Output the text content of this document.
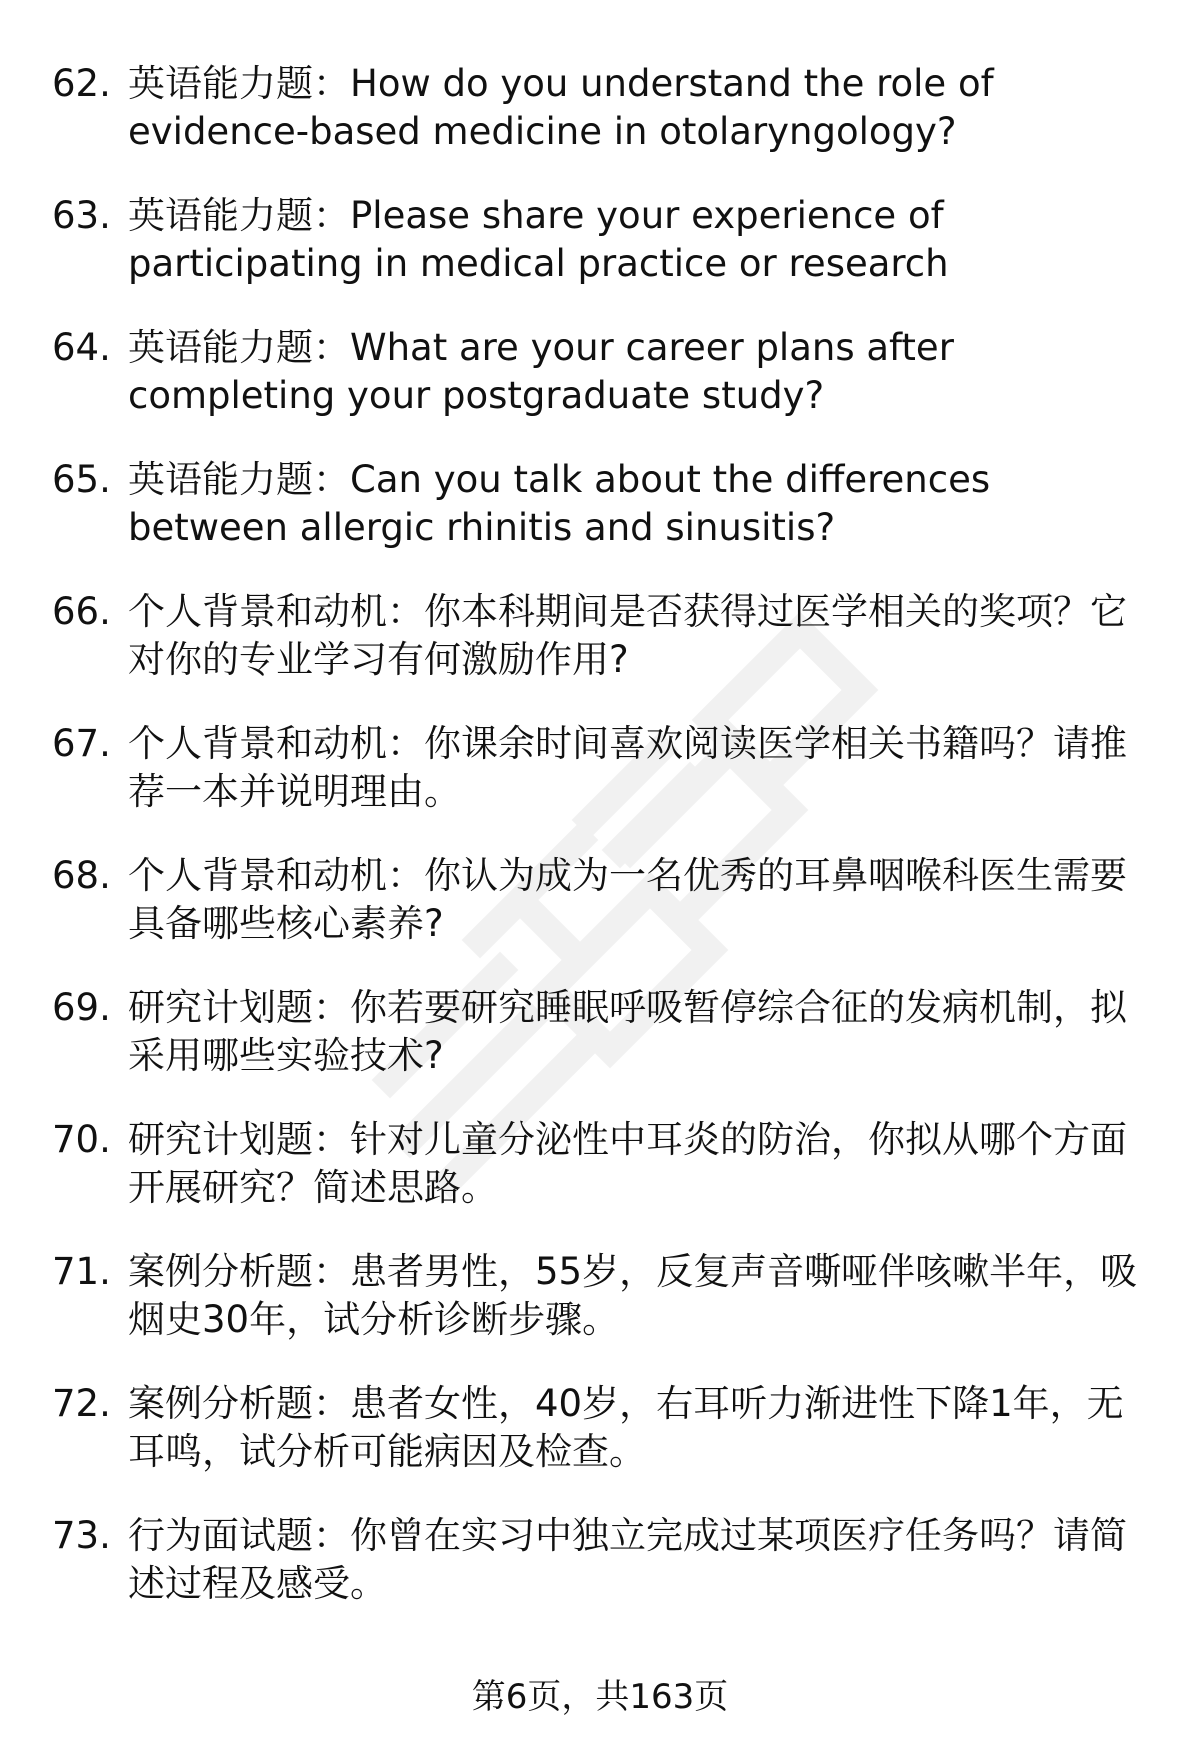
62. 英语能力题：How do you understand the role of evidence-based medicine in otolaryngology?
63. 英语能力题：Please share your experience of participating in medical practice or research
64. 英语能力题：What are your career plans after completing your postgraduate study?
65. 英语能力题：Can you talk about the differences between allergic rhinitis and sinusitis?
66. 个人背景和动机：你本科期间是否获得过医学相关的奖项？它对你的专业学习有何激励作用?
67. 个人背景和动机：你课余时间喜欢阅读医学相关书籍吗？请推荐一本并说明理由。
68. 个人背景和动机：你认为成为一名优秀的耳鼻咽喉科医生需要具备哪些核心素养?
69. 研究计划题：你若要研究睡眠呼吸暂停综合征的发病机制，拟采用哪些实验技术?
70. 研究计划题：针对儿童分泌性中耳炎的防治，你拟从哪个方面开展研究？简述思路。
71. 案例分析题：患者男性，55岁，反复声音嘶哑伴咳嗽半年，吸烟史30年，试分析诊断步骤。
72. 案例分析题：患者女性，40岁，右耳听力渐进性下降1年，无耳鸣，试分析可能病因及检查。
73. 行为面试题：你曾在实习中独立完成过某项医疗任务吗？请简述过程及感受。
第6页，共163页
